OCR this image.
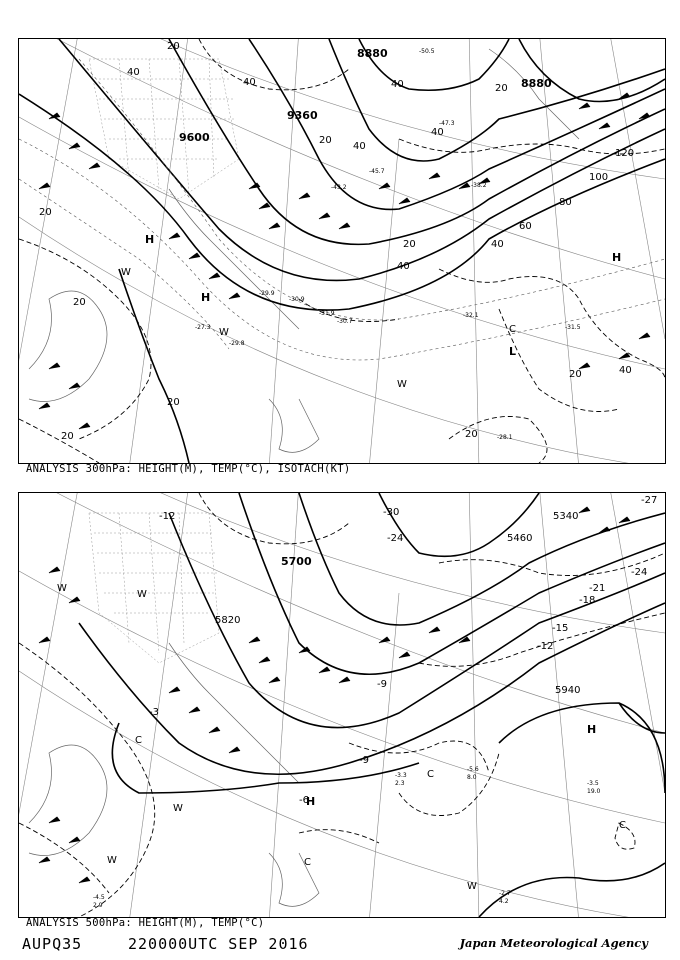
9360
9600
8880
8880
20
40
40	40
40
40
40
120
100
80
60
40
20
20
20
20
20
20	40
20
20
20
-27.3
-30.9
-29.9
-29.8
-30.7
-31.9	-32.1
-31.5
-28.1
-38.2
-43.2
-45.7
-47.3
-50.5
H
H
H
W
W
W
C
L
ANALYSIS 300hPa: HEIGHT(M), TEMP(°C), ISOTACH(KT)
5700
5820
5940
5340
5460
-12
-15
-12
-18
-21
-24
-27
-24
-30
-3
-9
-6
-9
-3.5
19.0
-2.7
4.2
-4.5
2.9
-5.6
8.0
-3.3
2.3
H
H
C
C
C
W
W
W
W
W
C
ANALYSIS 500hPa: HEIGHT(M), TEMP(°C)
AUPQ35	220000UTC SEP 2016	Japan Meteorological Agency
